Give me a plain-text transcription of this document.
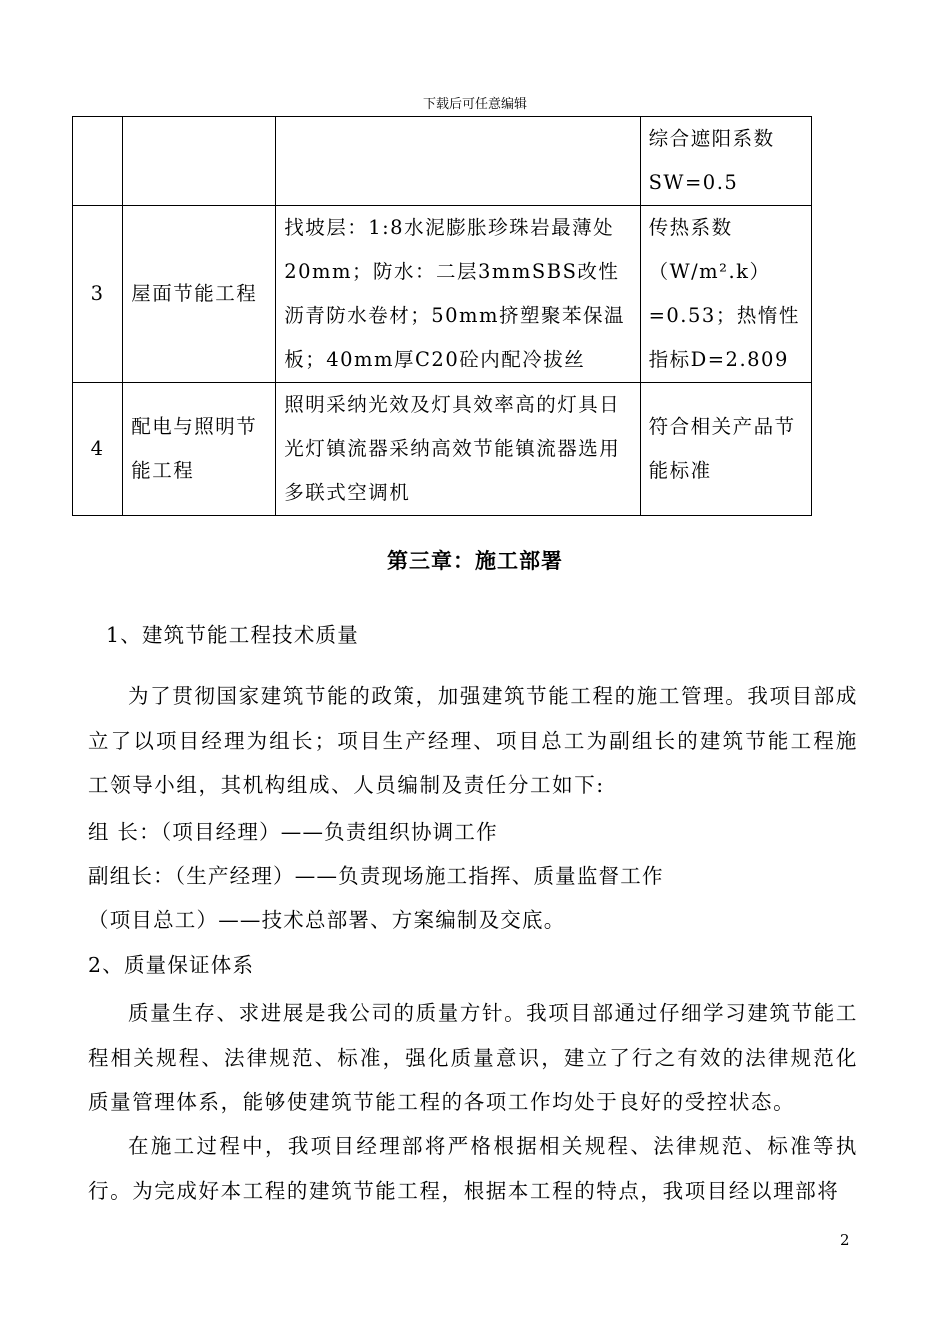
下载后可任意编辑
			综合遮阳系数SW=0.5
3	屋面节能工程	找坡层：1:8水泥膨胀珍珠岩最薄处20mm；防水：二层3mmSBS改性沥青防水卷材；50mm挤塑聚苯保温板；40mm厚C20砼内配冷拔丝	传热系数（W/m².k）=0.53；热惰性指标D=2.809
4	配电与照明节能工程	照明采纳光效及灯具效率高的灯具日光灯镇流器采纳高效节能镇流器选用多联式空调机	符合相关产品节能标准
第三章：施工部署
1、建筑节能工程技术质量
为了贯彻国家建筑节能的政策，加强建筑节能工程的施工管理。我项目部成立了以项目经理为组长；项目生产经理、项目总工为副组长的建筑节能工程施工领导小组，其机构组成、人员编制及责任分工如下:
组 长：（项目经理）——负责组织协调工作
副组长：（生产经理）——负责现场施工指挥、质量监督工作
（项目总工）——技术总部署、方案编制及交底。
2、质量保证体系
质量生存、求进展是我公司的质量方针。我项目部通过仔细学习建筑节能工程相关规程、法律规范、标准，强化质量意识，建立了行之有效的法律规范化质量管理体系，能够使建筑节能工程的各项工作均处于良好的受控状态。
在施工过程中，我项目经理部将严格根据相关规程、法律规范、标准等执行。为完成好本工程的建筑节能工程，根据本工程的特点，我项目经以理部将
2
